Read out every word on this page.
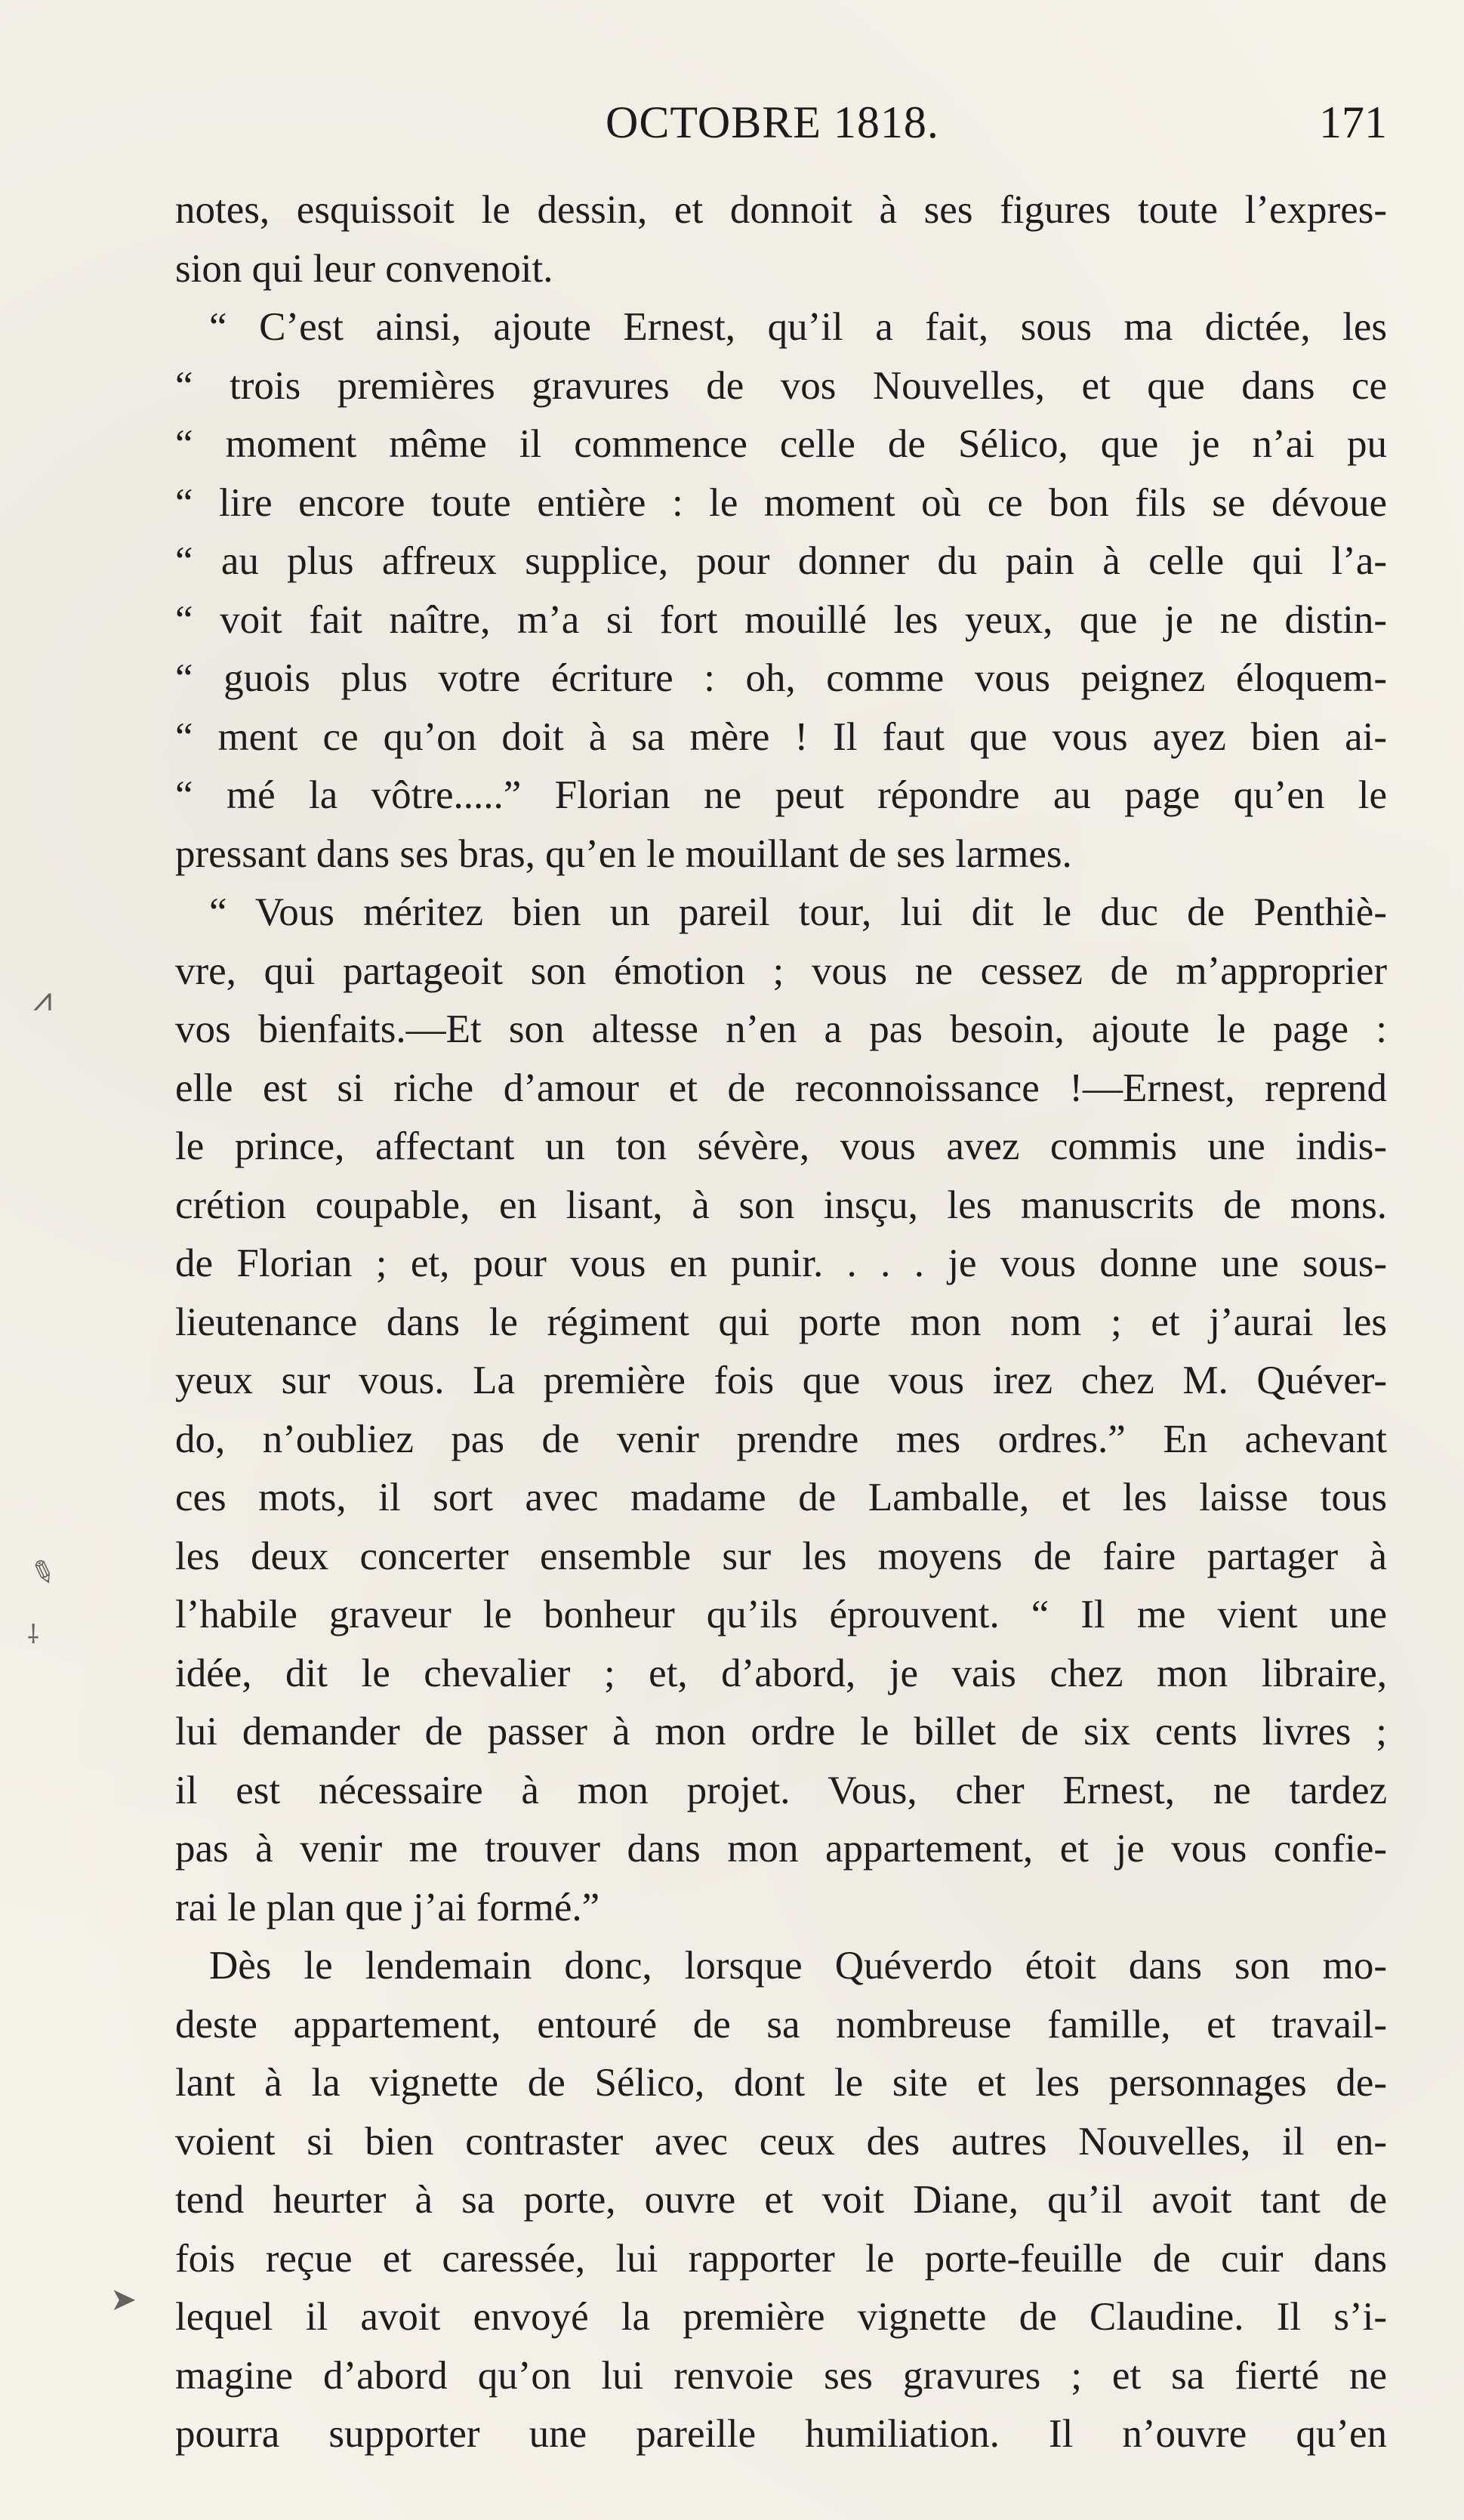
OCTOBRE 1818.	171
notes, esquissoit le dessin, et donnoit à ses figures toute l’expres-
sion qui leur convenoit.
“ C’est ainsi, ajoute Ernest, qu’il a fait, sous ma dictée, les
“ trois premières gravures de vos Nouvelles, et que dans ce
“ moment même il commence celle de Sélico, que je n’ai pu
“ lire encore toute entière : le moment où ce bon fils se dévoue
“ au plus affreux supplice, pour donner du pain à celle qui l’a-
“ voit fait naître, m’a si fort mouillé les yeux, que je ne distin-
“ guois plus votre écriture : oh, comme vous peignez éloquem-
“ ment ce qu’on doit à sa mère ! Il faut que vous ayez bien ai-
“ mé la vôtre.....” Florian ne peut répondre au page qu’en le
pressant dans ses bras, qu’en le mouillant de ses larmes.
“ Vous méritez bien un pareil tour, lui dit le duc de Penthiè-
vre, qui partageoit son émotion ; vous ne cessez de m’approprier
vos bienfaits.—Et son altesse n’en a pas besoin, ajoute le page :
elle est si riche d’amour et de reconnoissance !—Ernest, reprend
le prince, affectant un ton sévère, vous avez commis une indis-
crétion coupable, en lisant, à son insçu, les manuscrits de mons.
de Florian ; et, pour vous en punir. . . . je vous donne une sous-
lieutenance dans le régiment qui porte mon nom ; et j’aurai les
yeux sur vous. La première fois que vous irez chez M. Quéver-
do, n’oubliez pas de venir prendre mes ordres.” En achevant
ces mots, il sort avec madame de Lamballe, et les laisse tous
les deux concerter ensemble sur les moyens de faire partager à
l’habile graveur le bonheur qu’ils éprouvent. “ Il me vient une
idée, dit le chevalier ; et, d’abord, je vais chez mon libraire,
lui demander de passer à mon ordre le billet de six cents livres ;
il est nécessaire à mon projet. Vous, cher Ernest, ne tardez
pas à venir me trouver dans mon appartement, et je vous confie-
rai le plan que j’ai formé.”
Dès le lendemain donc, lorsque Quéverdo étoit dans son mo-
deste appartement, entouré de sa nombreuse famille, et travail-
lant à la vignette de Sélico, dont le site et les personnages de-
voient si bien contraster avec ceux des autres Nouvelles, il en-
tend heurter à sa porte, ouvre et voit Diane, qu’il avoit tant de
fois reçue et caressée, lui rapporter le porte-feuille de cuir dans
lequel il avoit envoyé la première vignette de Claudine. Il s’i-
magine d’abord qu’on lui renvoie ses gravures ; et sa fierté ne
pourra supporter une pareille humiliation. Il n’ouvre qu’en
⩘
✎
⸸
➤
